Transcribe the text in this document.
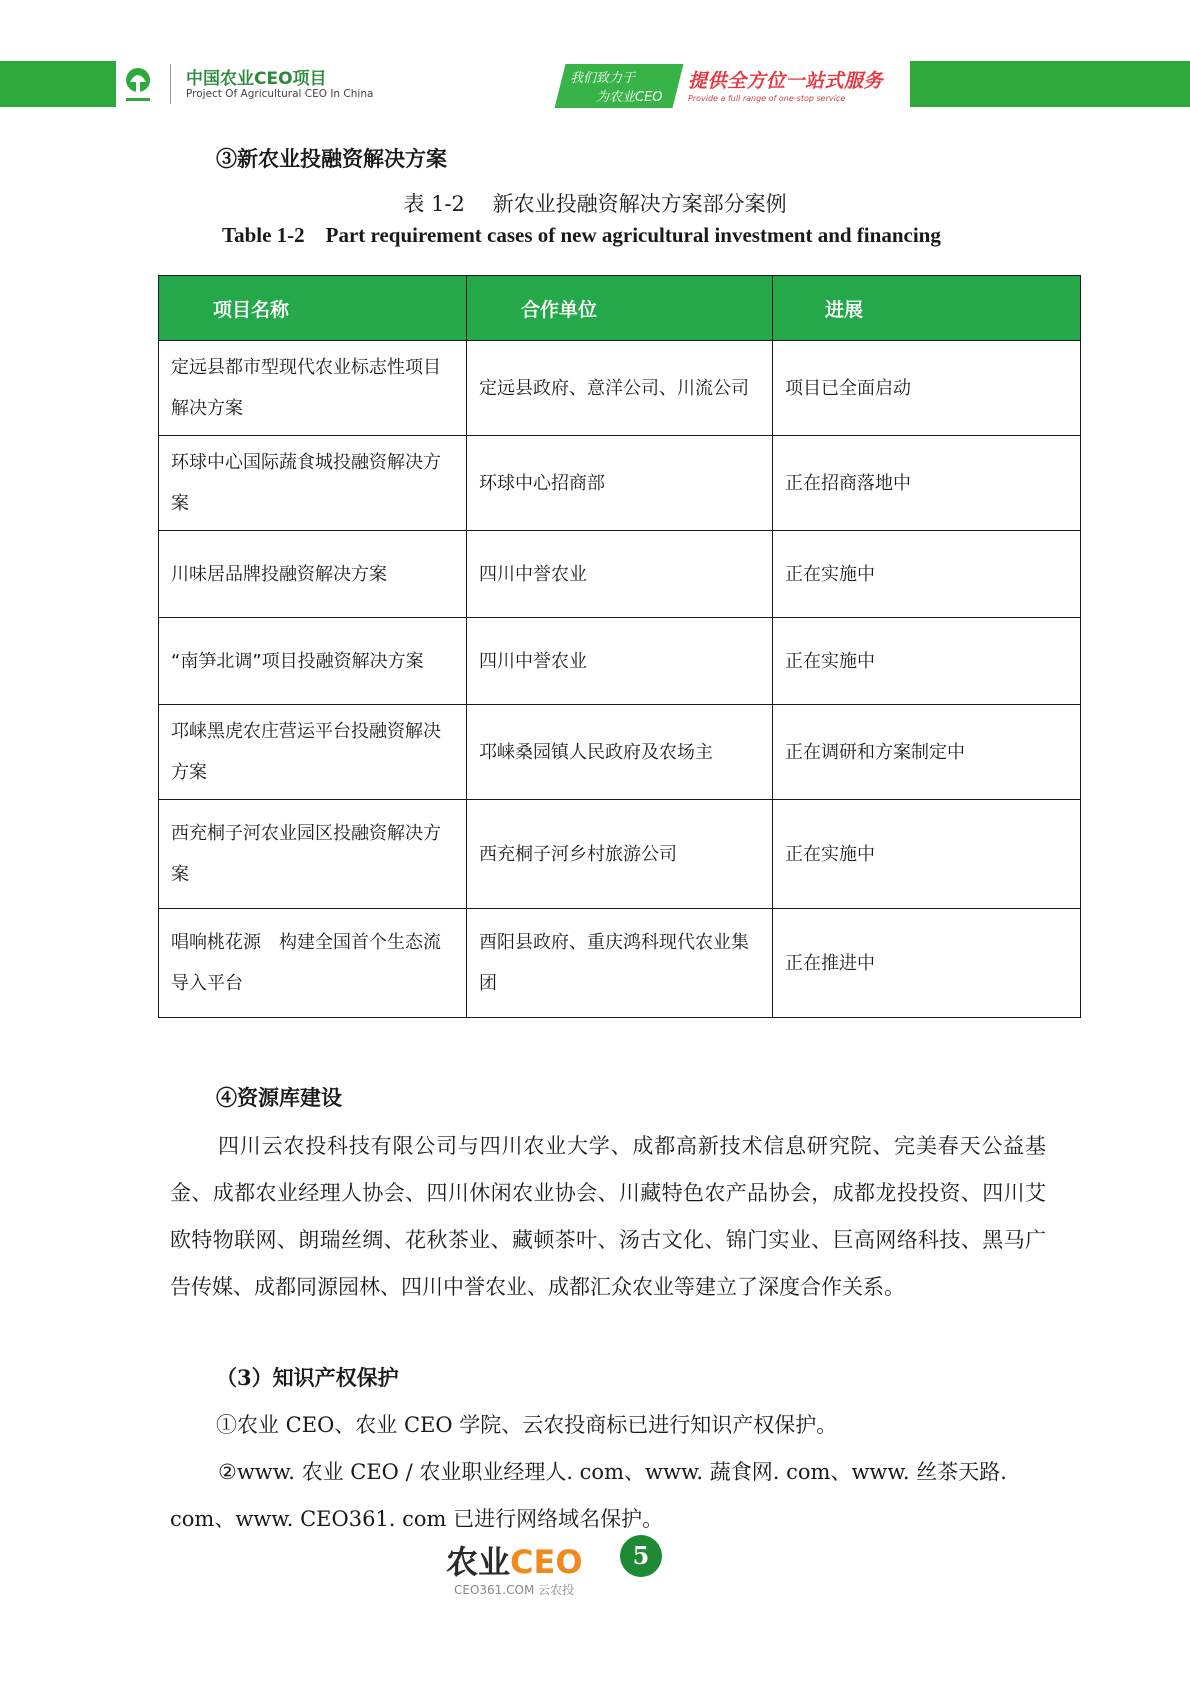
中国农业CEO项目
Project Of Agricultural CEO In China
我们致力于
为农业CEO
提供全方位一站式服务
Provide a full range of one-stop service
③新农业投融资解决方案
表 1-2　 新农业投融资解决方案部分案例
Table 1-2　Part requirement cases of new agricultural investment and financing
项目名称	合作单位	进展
定远县都市型现代农业标志性项目解决方案	定远县政府、意洋公司、川流公司	项目已全面启动
环球中心国际蔬食城投融资解决方案	环球中心招商部	正在招商落地中
川味居品牌投融资解决方案	四川中誉农业	正在实施中
“南笋北调”项目投融资解决方案	四川中誉农业	正在实施中
邛崃黑虎农庄营运平台投融资解决方案	邛崃桑园镇人民政府及农场主	正在调研和方案制定中
西充桐子河农业园区投融资解决方案	西充桐子河乡村旅游公司	正在实施中
唱响桃花源　构建全国首个生态流导入平台	酉阳县政府、重庆鸿科现代农业集团	正在推进中
④资源库建设
四川云农投科技有限公司与四川农业大学、成都高新技术信息研究院、完美春天公益基金、成都农业经理人协会、四川休闲农业协会、川藏特色农产品协会，成都龙投投资、四川艾欧特物联网、朗瑞丝绸、花秋茶业、藏顿茶叶、汤古文化、锦门实业、巨高网络科技、黑马广告传媒、成都同源园林、四川中誉农业、成都汇众农业等建立了深度合作关系。
（3）知识产权保护
①农业 CEO、农业 CEO 学院、云农投商标已进行知识产权保护。
②www. 农业 CEO / 农业职业经理人. com、www. 蔬食网. com、www. 丝茶天路. com、www. CEO361. com 已进行网络域名保护。
农业CEO	5
CEO361.COM 云农投
